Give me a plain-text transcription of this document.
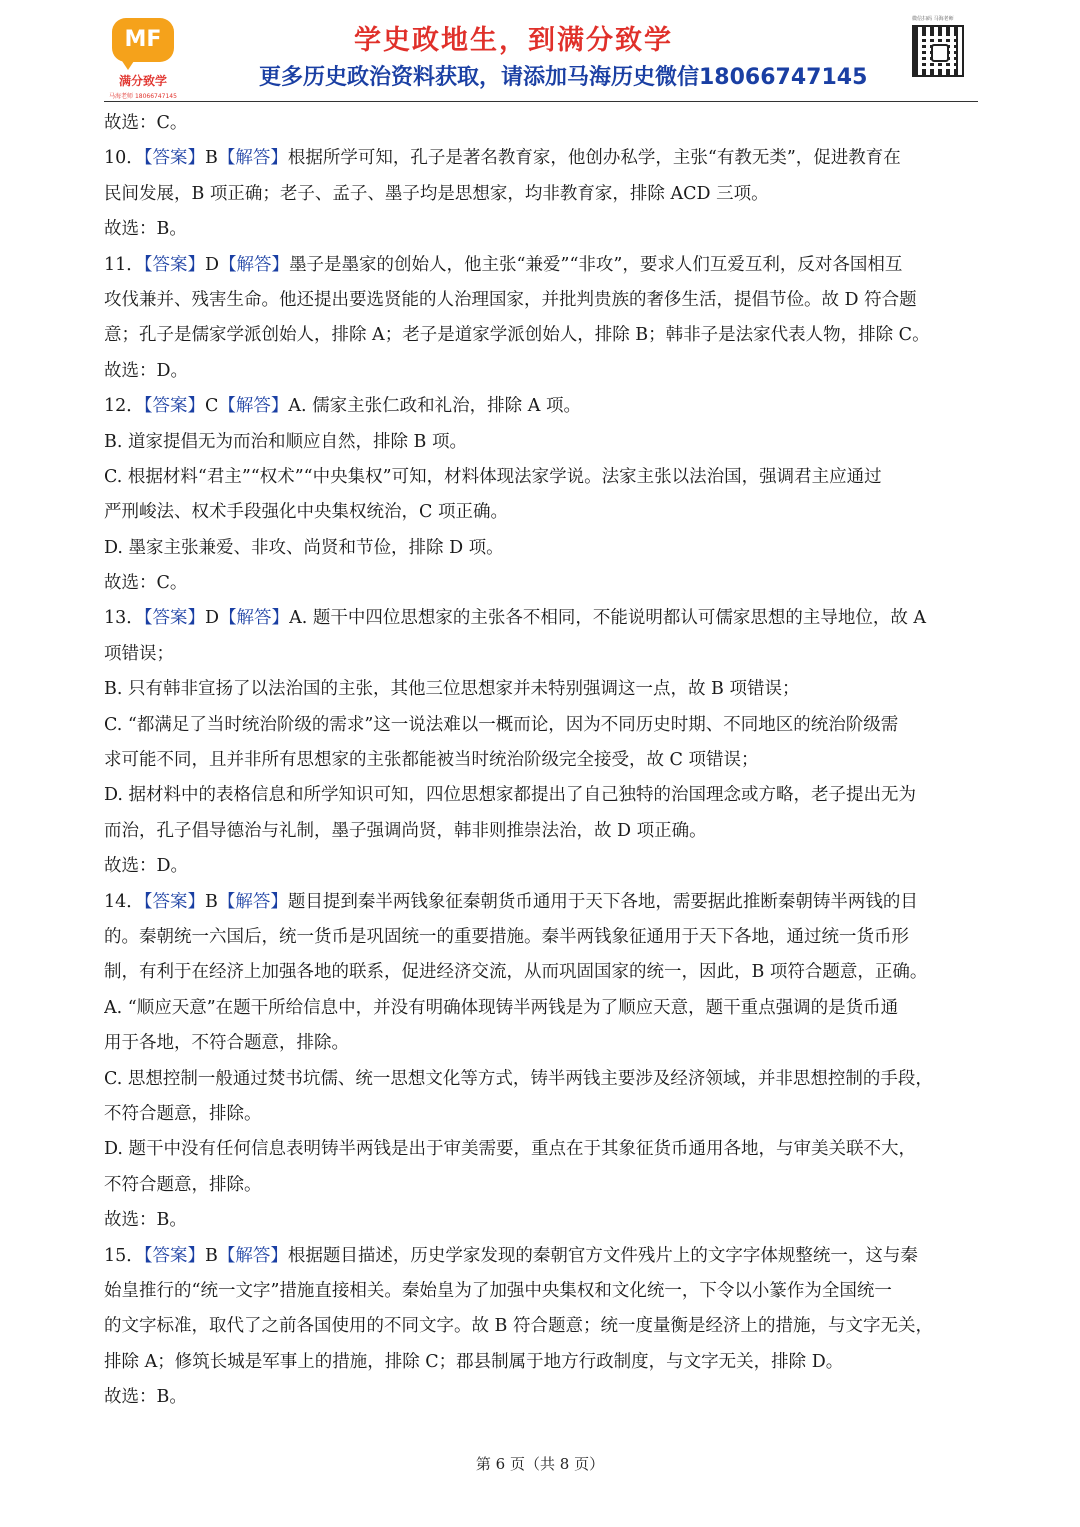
MF
满分致学
马海老师 18066747145
学史政地生，到满分致学
更多历史政治资料获取，请添加马海历史微信18066747145
微信扫码 马海老师
故选：C。
10．【答案】B【解答】根据所学可知，孔子是著名教育家，他创办私学，主张“有教无类”，促进教育在
民间发展，B 项正确；老子、孟子、墨子均是思想家，均非教育家，排除 ACD 三项。
故选：B。
11．【答案】D【解答】墨子是墨家的创始人，他主张“兼爱”“非攻”，要求人们互爱互利，反对各国相互
攻伐兼并、残害生命。他还提出要选贤能的人治理国家，并批判贵族的奢侈生活，提倡节俭。故 D 符合题
意；孔子是儒家学派创始人，排除 A；老子是道家学派创始人，排除 B；韩非子是法家代表人物，排除 C。
故选：D。
12．【答案】C【解答】A. 儒家主张仁政和礼治，排除 A 项。
B. 道家提倡无为而治和顺应自然，排除 B 项。
C. 根据材料“君主”“权术”“中央集权”可知，材料体现法家学说。法家主张以法治国，强调君主应通过
严刑峻法、权术手段强化中央集权统治，C 项正确。
D. 墨家主张兼爱、非攻、尚贤和节俭，排除 D 项。
故选：C。
13．【答案】D【解答】A. 题干中四位思想家的主张各不相同，不能说明都认可儒家思想的主导地位，故 A
项错误；
B. 只有韩非宣扬了以法治国的主张，其他三位思想家并未特别强调这一点，故 B 项错误；
C. “都满足了当时统治阶级的需求”这一说法难以一概而论，因为不同历史时期、不同地区的统治阶级需
求可能不同，且并非所有思想家的主张都能被当时统治阶级完全接受，故 C 项错误；
D. 据材料中的表格信息和所学知识可知，四位思想家都提出了自己独特的治国理念或方略，老子提出无为
而治，孔子倡导德治与礼制，墨子强调尚贤，韩非则推崇法治，故 D 项正确。
故选：D。
14．【答案】B【解答】题目提到秦半两钱象征秦朝货币通用于天下各地，需要据此推断秦朝铸半两钱的目
的。秦朝统一六国后，统一货币是巩固统一的重要措施。秦半两钱象征通用于天下各地，通过统一货币形
制，有利于在经济上加强各地的联系，促进经济交流，从而巩固国家的统一，因此，B 项符合题意，正确。
A. “顺应天意”在题干所给信息中，并没有明确体现铸半两钱是为了顺应天意，题干重点强调的是货币通
用于各地，不符合题意，排除。
C. 思想控制一般通过焚书坑儒、统一思想文化等方式，铸半两钱主要涉及经济领域，并非思想控制的手段，
不符合题意，排除。
D. 题干中没有任何信息表明铸半两钱是出于审美需要，重点在于其象征货币通用各地，与审美关联不大，
不符合题意，排除。
故选：B。
15．【答案】B【解答】根据题目描述，历史学家发现的秦朝官方文件残片上的文字字体规整统一，这与秦
始皇推行的“统一文字”措施直接相关。秦始皇为了加强中央集权和文化统一，下令以小篆作为全国统一
的文字标准，取代了之前各国使用的不同文字。故 B 符合题意；统一度量衡是经济上的措施，与文字无关，
排除 A；修筑长城是军事上的措施，排除 C；郡县制属于地方行政制度，与文字无关，排除 D。
故选：B。
第 6 页（共 8 页）
